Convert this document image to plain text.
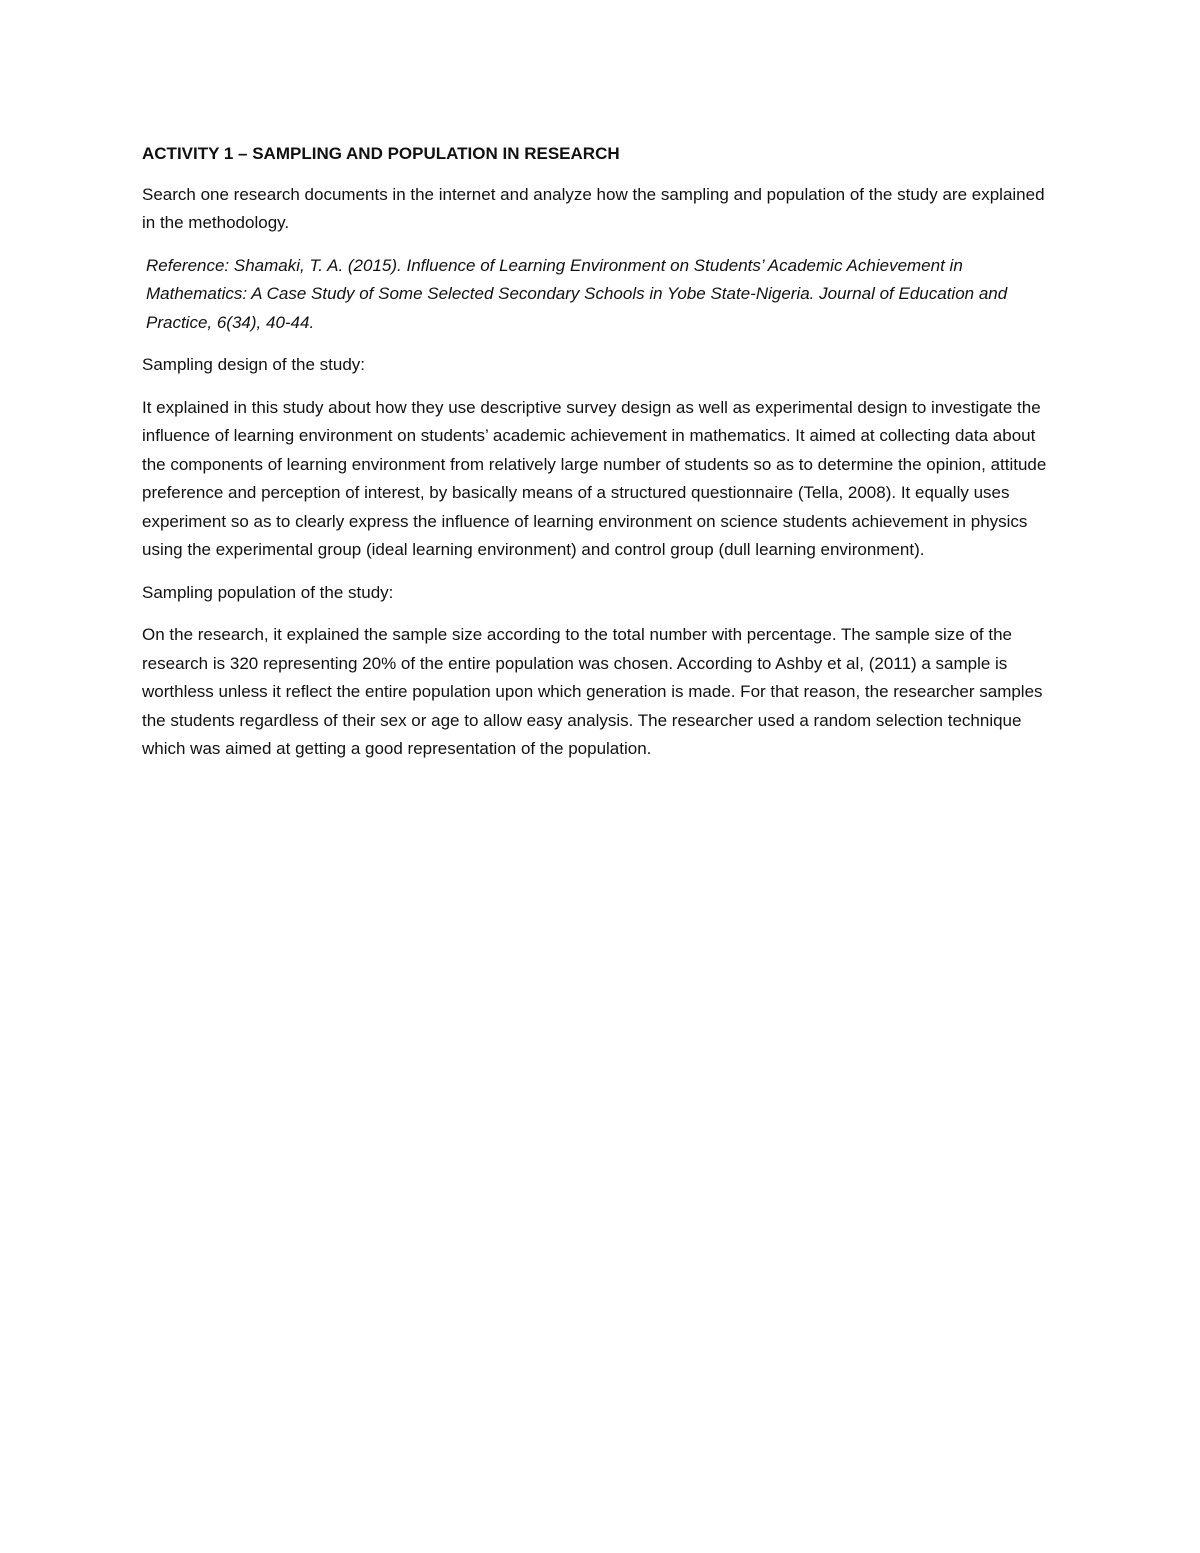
ACTIVITY 1 – SAMPLING AND POPULATION IN RESEARCH

Search one research documents in the internet and analyze how the sampling and population of the study are explained in the methodology.

Reference: Shamaki, T. A. (2015). Influence of Learning Environment on Students’ Academic Achievement in Mathematics: A Case Study of Some Selected Secondary Schools in Yobe State-Nigeria. Journal of Education and Practice, 6(34), 40-44.

Sampling design of the study:

It explained in this study about how they use descriptive survey design as well as experimental design to investigate the influence of learning environment on students’ academic achievement in mathematics. It aimed at collecting data about the components of learning environment from relatively large number of students so as to determine the opinion, attitude preference and perception of interest, by basically means of a structured questionnaire (Tella, 2008). It equally uses experiment so as to clearly express the influence of learning environment on science students achievement in physics using the experimental group (ideal learning environment) and control group (dull learning environment).

Sampling population of the study:

On the research, it explained the sample size according to the total number with percentage. The sample size of the research is 320 representing 20% of the entire population was chosen. According to Ashby et al, (2011) a sample is worthless unless it reflect the entire population upon which generation is made. For that reason, the researcher samples the students regardless of their sex or age to allow easy analysis. The researcher used a random selection technique which was aimed at getting a good representation of the population.
